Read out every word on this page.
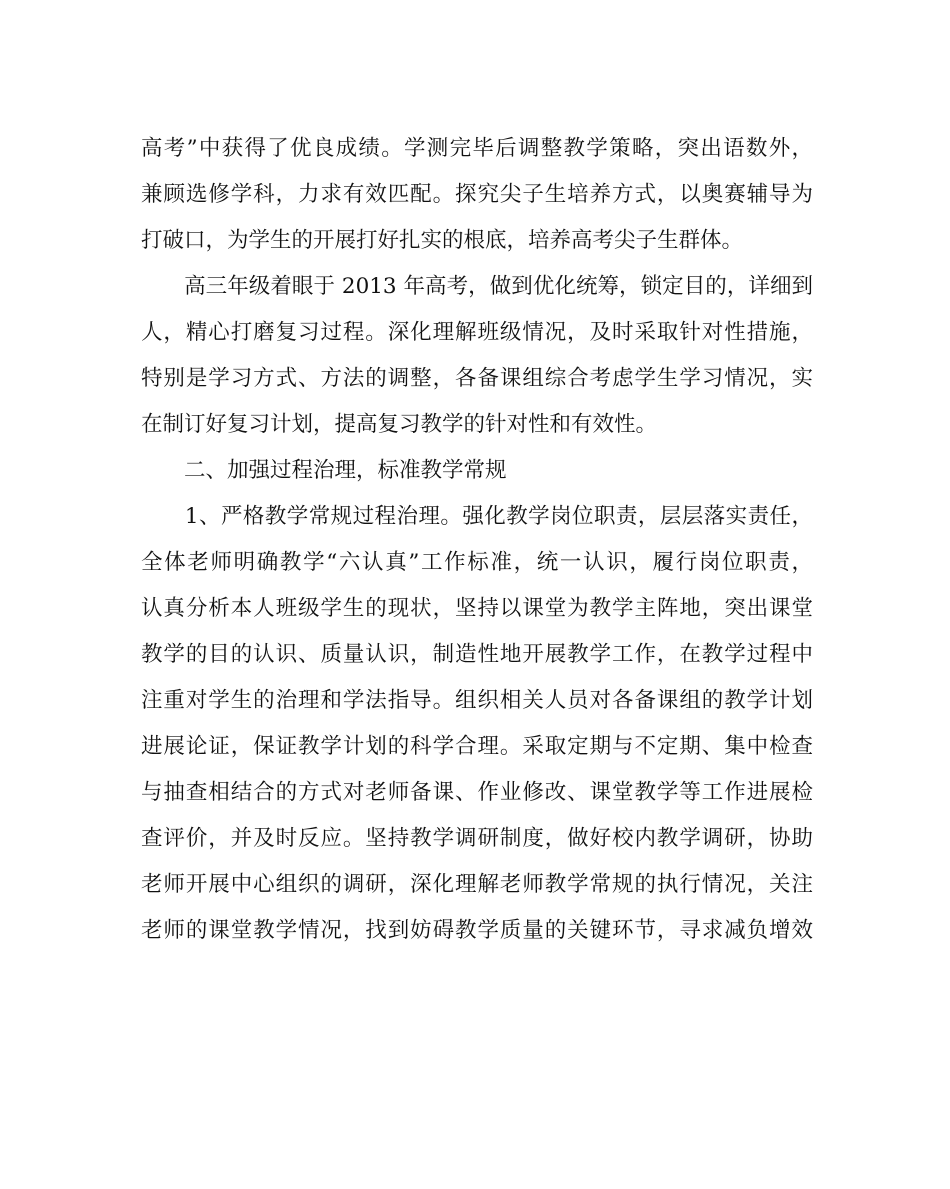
高考”中获得了优良成绩。学测完毕后调整教学策略，突出语数外，
兼顾选修学科，力求有效匹配。探究尖子生培养方式，以奥赛辅导为
打破口，为学生的开展打好扎实的根底，培养高考尖子生群体。
　　高三年级着眼于 2013 年高考，做到优化统筹，锁定目的，详细到
人，精心打磨复习过程。深化理解班级情况，及时采取针对性措施，
特别是学习方式、方法的调整，各备课组综合考虑学生学习情况，实
在制订好复习计划，提高复习教学的针对性和有效性。
　　二、加强过程治理，标准教学常规
　　1、严格教学常规过程治理。强化教学岗位职责，层层落实责任，
全体老师明确教学“六认真”工作标准，统一认识，履行岗位职责，
认真分析本人班级学生的现状，坚持以课堂为教学主阵地，突出课堂
教学的目的认识、质量认识，制造性地开展教学工作，在教学过程中
注重对学生的治理和学法指导。组织相关人员对各备课组的教学计划
进展论证，保证教学计划的科学合理。采取定期与不定期、集中检查
与抽查相结合的方式对老师备课、作业修改、课堂教学等工作进展检
查评价，并及时反应。坚持教学调研制度，做好校内教学调研，协助
老师开展中心组织的调研，深化理解老师教学常规的执行情况，关注
老师的课堂教学情况，找到妨碍教学质量的关键环节，寻求减负增效
